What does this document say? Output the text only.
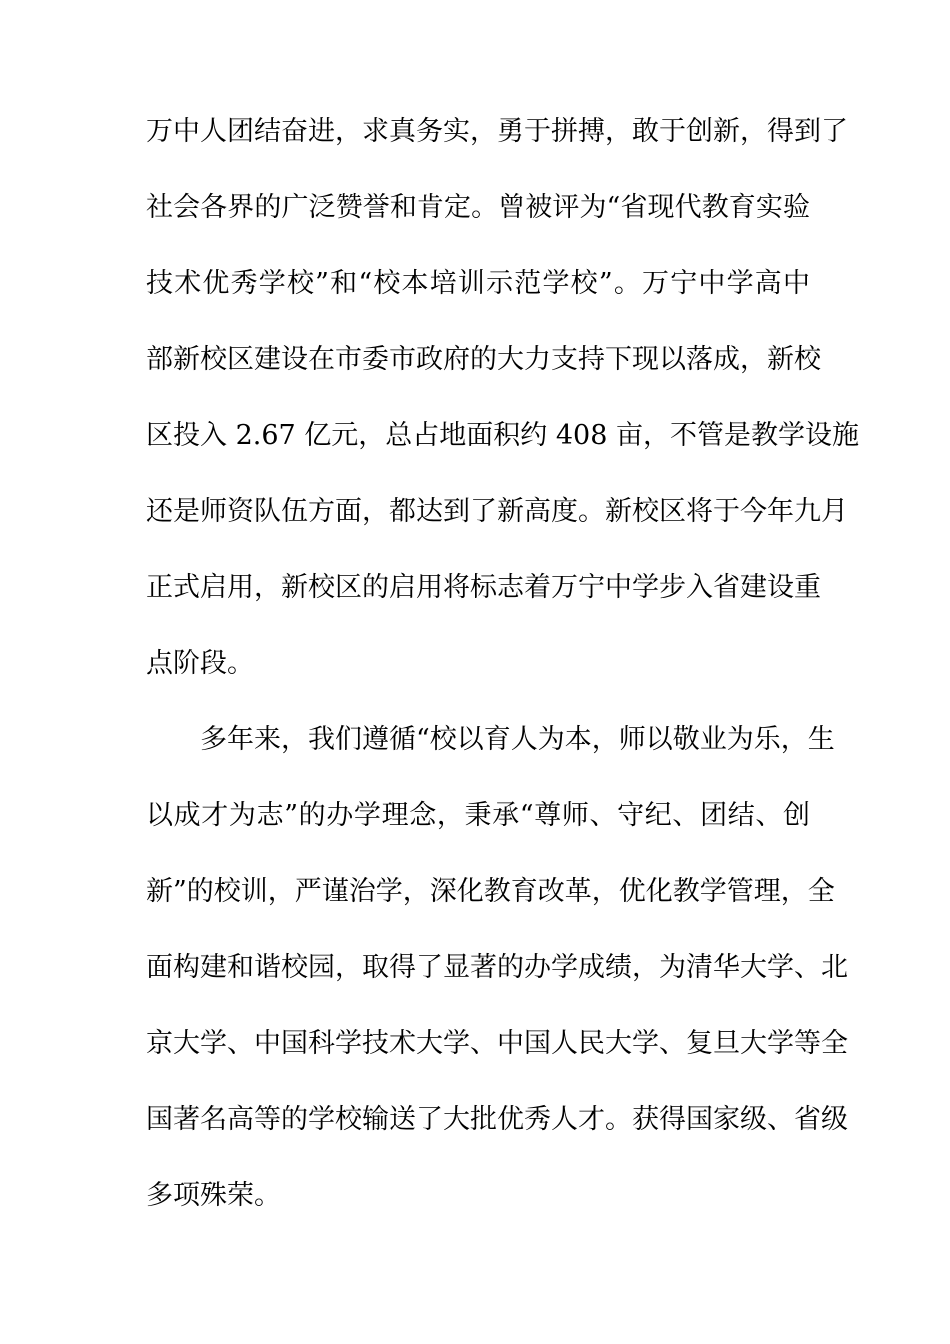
万中人团结奋进，求真务实，勇于拼搏，敢于创新，得到了
社会各界的广泛赞誉和肯定。曾被评为“省现代教育实验
技术优秀学校”和“校本培训示范学校”。万宁中学高中
部新校区建设在市委市政府的大力支持下现以落成，新校
区投入 2.67 亿元，总占地面积约 408 亩，不管是教学设施
还是师资队伍方面，都达到了新高度。新校区将于今年九月
正式启用，新校区的启用将标志着万宁中学步入省建设重
点阶段。
多年来，我们遵循“校以育人为本，师以敬业为乐，生
以成才为志”的办学理念，秉承“尊师、守纪、团结、创
新”的校训，严谨治学，深化教育改革，优化教学管理，全
面构建和谐校园，取得了显著的办学成绩，为清华大学、北
京大学、中国科学技术大学、中国人民大学、复旦大学等全
国著名高等的学校输送了大批优秀人才。获得国家级、省级
多项殊荣。
